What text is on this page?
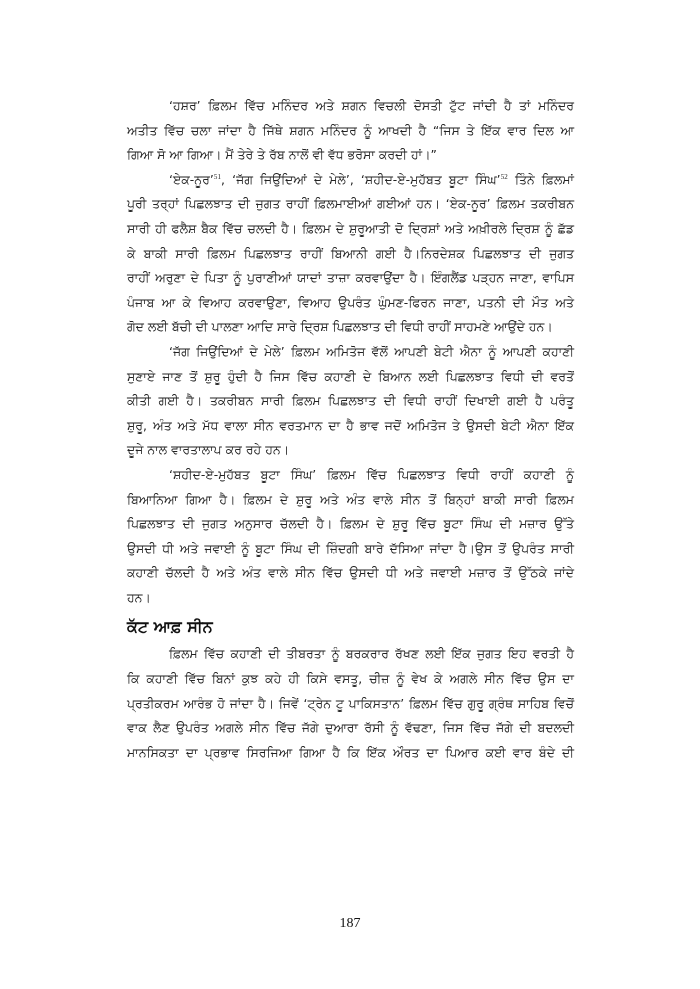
‘ਹਸ਼ਰ’ ਫ਼ਿਲਮ ਵਿੱਚ ਮਨਿੰਦਰ ਅਤੇ ਸ਼ਗਨ ਵਿਚਲੀ ਦੋਸਤੀ ਟੁੱਟ ਜਾਂਦੀ ਹੈ ਤਾਂ ਮਨਿੰਦਰ
ਅਤੀਤ ਵਿੱਚ ਚਲਾ ਜਾਂਦਾ ਹੈ ਜਿੱਥੇ ਸ਼ਗਨ ਮਨਿੰਦਰ ਨੂੰ ਆਖਦੀ ਹੈ “ਜਿਸ ਤੇ ਇੱਕ ਵਾਰ ਦਿਲ ਆ
ਗਿਆ ਸੋ ਆ ਗਿਆ। ਮੈਂ ਤੇਰੇ ਤੇ ਰੱਬ ਨਾਲੋਂ ਵੀ ਵੱਧ ਭਰੋਸਾ ਕਰਦੀ ਹਾਂ।”
‘ਏਕ-ਨੂਰ’$^{51}$, ‘ਜੱਗ ਜਿਉਂਦਿਆਂ ਦੇ ਮੇਲੇ’, ‘ਸ਼ਹੀਦ-ਏ-ਮੁਹੱਬਤ ਬੂਟਾ ਸਿੰਘ’$^{52}$ ਤਿੰਨੇ ਫ਼ਿਲਮਾਂ
ਪੂਰੀ ਤਰ੍ਹਾਂ ਪਿਛਲਝਾਤ ਦੀ ਜੁਗਤ ਰਾਹੀਂ ਫ਼ਿਲਮਾਈਆਂ ਗਈਆਂ ਹਨ। ‘ਏਕ-ਨੂਰ’ ਫ਼ਿਲਮ ਤਕਰੀਬਨ
ਸਾਰੀ ਹੀ ਫਲੈਸ਼ ਬੈਕ ਵਿੱਚ ਚਲਦੀ ਹੈ। ਫ਼ਿਲਮ ਦੇ ਸ਼ੁਰੂਆਤੀ ਦੋ ਦ੍ਰਿਸ਼ਾਂ ਅਤੇ ਅਖ਼ੀਰਲੇ ਦ੍ਰਿਸ਼ ਨੂੰ ਛੱਡ
ਕੇ ਬਾਕੀ ਸਾਰੀ ਫ਼ਿਲਮ ਪਿਛਲਝਾਤ ਰਾਹੀਂ ਬਿਆਨੀ ਗਈ ਹੈ।ਨਿਰਦੇਸ਼ਕ ਪਿਛਲਝਾਤ ਦੀ ਜੁਗਤ
ਰਾਹੀਂ ਅਰੁਣਾ ਦੇ ਪਿਤਾ ਨੂੰ ਪੁਰਾਣੀਆਂ ਯਾਦਾਂ ਤਾਜ਼ਾ ਕਰਵਾਉਂਦਾ ਹੈ। ਇੰਗਲੈਂਡ ਪੜ੍ਹਨ ਜਾਣਾ, ਵਾਪਿਸ
ਪੰਜਾਬ ਆ ਕੇ ਵਿਆਹ ਕਰਵਾਉਣਾ, ਵਿਆਹ ਉਪਰੰਤ ਘੁੰਮਣ-ਫਿਰਨ ਜਾਣਾ, ਪਤਨੀ ਦੀ ਮੌਤ ਅਤੇ
ਗੋਦ ਲਈ ਬੱਚੀ ਦੀ ਪਾਲਣਾ ਆਦਿ ਸਾਰੇ ਦ੍ਰਿਸ਼ ਪਿਛਲਝਾਤ ਦੀ ਵਿਧੀ ਰਾਹੀਂ ਸਾਹਮਣੇ ਆਉਂਦੇ ਹਨ।
‘ਜੱਗ ਜਿਉਂਦਿਆਂ ਦੇ ਮੇਲੇ’ ਫ਼ਿਲਮ ਅਮਿਤੋਜ ਵੱਲੋਂ ਆਪਣੀ ਬੇਟੀ ਐਨਾ ਨੂੰ ਆਪਣੀ ਕਹਾਣੀ
ਸੁਣਾਏ ਜਾਣ ਤੋਂ ਸ਼ੁਰੂ ਹੁੰਦੀ ਹੈ ਜਿਸ ਵਿੱਚ ਕਹਾਣੀ ਦੇ ਬਿਆਨ ਲਈ ਪਿਛਲਝਾਤ ਵਿਧੀ ਦੀ ਵਰਤੋਂ
ਕੀਤੀ ਗਈ ਹੈ। ਤਕਰੀਬਨ ਸਾਰੀ ਫ਼ਿਲਮ ਪਿਛਲਝਾਤ ਦੀ ਵਿਧੀ ਰਾਹੀਂ ਦਿਖਾਈ ਗਈ ਹੈ ਪਰੰਤੂ
ਸ਼ੁਰੂ, ਅੰਤ ਅਤੇ ਮੱਧ ਵਾਲਾ ਸੀਨ ਵਰਤਮਾਨ ਦਾ ਹੈ ਭਾਵ ਜਦੋਂ ਅਮਿਤੋਜ ਤੇ ਉਸਦੀ ਬੇਟੀ ਐਨਾ ਇੱਕ
ਦੂਜੇ ਨਾਲ ਵਾਰਤਾਲਾਪ ਕਰ ਰਹੇ ਹਨ।
‘ਸ਼ਹੀਦ-ਏ-ਮੁਹੱਬਤ ਬੂਟਾ ਸਿੰਘ’ ਫ਼ਿਲਮ ਵਿੱਚ ਪਿਛਲਝਾਤ ਵਿਧੀ ਰਾਹੀਂ ਕਹਾਣੀ ਨੂੰ
ਬਿਆਨਿਆ ਗਿਆ ਹੈ। ਫ਼ਿਲਮ ਦੇ ਸ਼ੁਰੂ ਅਤੇ ਅੰਤ ਵਾਲੇ ਸੀਨ ਤੋਂ ਬਿਨ੍ਹਾਂ ਬਾਕੀ ਸਾਰੀ ਫ਼ਿਲਮ
ਪਿਛਲਝਾਤ ਦੀ ਜੁਗਤ ਅਨੁਸਾਰ ਚੱਲਦੀ ਹੈ। ਫ਼ਿਲਮ ਦੇ ਸ਼ੁਰੂ ਵਿੱਚ ਬੂਟਾ ਸਿੰਘ ਦੀ ਮਜ਼ਾਰ ਉੱਤੇ
ਉਸਦੀ ਧੀ ਅਤੇ ਜਵਾਈ ਨੂੰ ਬੂਟਾ ਸਿੰਘ ਦੀ ਜ਼ਿੰਦਗੀ ਬਾਰੇ ਦੱਸਿਆ ਜਾਂਦਾ ਹੈ।ਉਸ ਤੋਂ ਉਪਰੰਤ ਸਾਰੀ
ਕਹਾਣੀ ਚੱਲਦੀ ਹੈ ਅਤੇ ਅੰਤ ਵਾਲੇ ਸੀਨ ਵਿੱਚ ਉਸਦੀ ਧੀ ਅਤੇ ਜਵਾਈ ਮਜ਼ਾਰ ਤੋਂ ਉੱਠਕੇ ਜਾਂਦੇ
ਹਨ।
ਕੱਟ ਆਫ਼ ਸੀਨ
ਫ਼ਿਲਮ ਵਿੱਚ ਕਹਾਣੀ ਦੀ ਤੀਬਰਤਾ ਨੂੰ ਬਰਕਰਾਰ ਰੱਖਣ ਲਈ ਇੱਕ ਜੁਗਤ ਇਹ ਵਰਤੀ ਹੈ
ਕਿ ਕਹਾਣੀ ਵਿੱਚ ਬਿਨਾਂ ਕੁਝ ਕਹੇ ਹੀ ਕਿਸੇ ਵਸਤੂ, ਚੀਜ਼ ਨੂੰ ਵੇਖ ਕੇ ਅਗਲੇ ਸੀਨ ਵਿੱਚ ਉਸ ਦਾ
ਪ੍ਰਤੀਕਰਮ ਆਰੰਭ ਹੋ ਜਾਂਦਾ ਹੈ। ਜਿਵੇਂ ‘ਟ੍ਰੇਨ ਟੂ ਪਾਕਿਸਤਾਨ’ ਫ਼ਿਲਮ ਵਿੱਚ ਗੁਰੂ ਗ੍ਰੰਥ ਸਾਹਿਬ ਵਿਚੋਂ
ਵਾਕ ਲੈਣ ਉਪਰੰਤ ਅਗਲੇ ਸੀਨ ਵਿੱਚ ਜੱਗੇ ਦੁਆਰਾ ਰੱਸੀ ਨੂੰ ਵੱਢਣਾ, ਜਿਸ ਵਿੱਚ ਜੱਗੇ ਦੀ ਬਦਲਦੀ
ਮਾਨਸਿਕਤਾ ਦਾ ਪ੍ਰਭਾਵ ਸਿਰਜਿਆ ਗਿਆ ਹੈ ਕਿ ਇੱਕ ਔਰਤ ਦਾ ਪਿਆਰ ਕਈ ਵਾਰ ਬੰਦੇ ਦੀ
187
